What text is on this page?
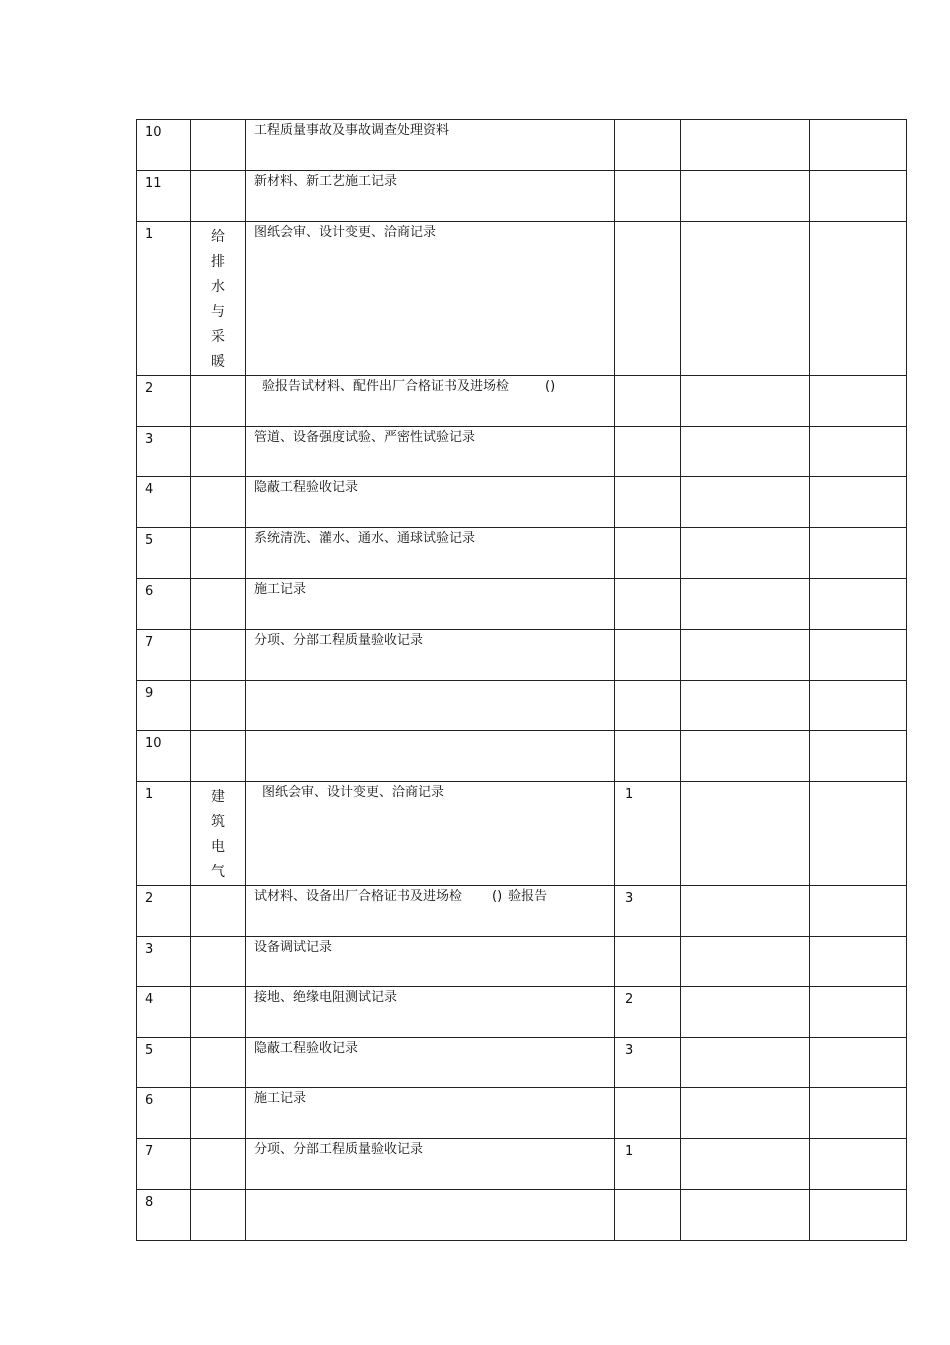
10		工程质量事故及事故调查处理资料			
11		新材料、新工艺施工记录			
1	给排水与采暖	图纸会审、设计变更、洽商记录			
2		验报告试材料、配件出厂合格证书及进场检 ()			
3		管道、设备强度试验、严密性试验记录			
4		隐蔽工程验收记录			
5		系统清洗、灌水、通水、通球试验记录			
6		施工记录			
7		分项、分部工程质量验收记录			
9					
10					
1	建筑电气	图纸会审、设计变更、洽商记录	1		
2		试材料、设备出厂合格证书及进场检 () 验报告	3		
3		设备调试记录			
4		接地、绝缘电阻测试记录	2		
5		隐蔽工程验收记录	3		
6		施工记录			
7		分项、分部工程质量验收记录	1		
8					
